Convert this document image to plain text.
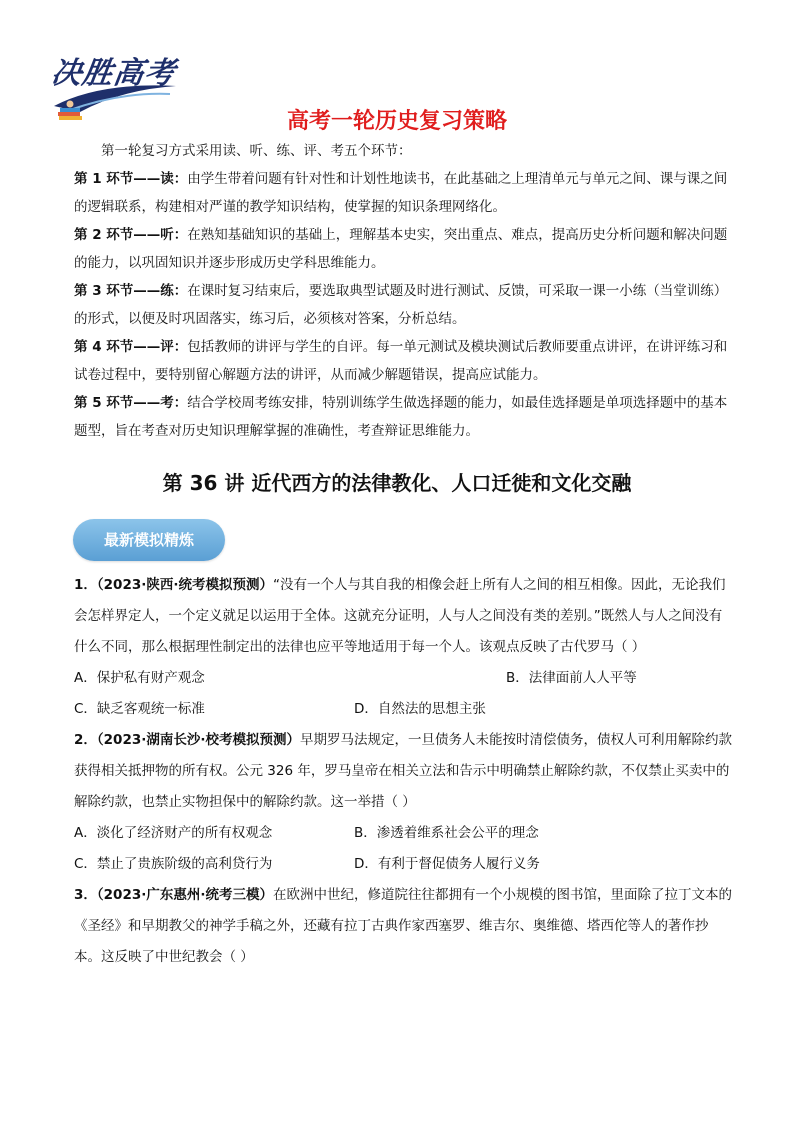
决胜高考
高考一轮历史复习策略

第一轮复习方式采用读、听、练、评、考五个环节：

第 1 环节——读：由学生带着问题有针对性和计划性地读书，在此基础之上理清单元与单元之间、课与课之间的逻辑联系，构建相对严谨的教学知识结构，使掌握的知识条理网络化。

第 2 环节——听：在熟知基础知识的基础上，理解基本史实，突出重点、难点，提高历史分析问题和解决问题的能力，以巩固知识并逐步形成历史学科思维能力。

第 3 环节——练：在课时复习结束后，要选取典型试题及时进行测试、反馈，可采取一课一小练（当堂训练）的形式，以便及时巩固落实，练习后，必须核对答案，分析总结。

第 4 环节——评：包括教师的讲评与学生的自评。每一单元测试及模块测试后教师要重点讲评，在讲评练习和试卷过程中，要特别留心解题方法的讲评，从而减少解题错误，提高应试能力。

第 5 环节——考：结合学校周考练安排，特别训练学生做选择题的能力，如最佳选择题是单项选择题中的基本题型，旨在考查对历史知识理解掌握的准确性，考查辩证思维能力。

第 36 讲 近代西方的法律教化、人口迁徙和文化交融
最新模拟精炼

1．（2023·陕西·统考模拟预测）“没有一个人与其自我的相像会赶上所有人之间的相互相像。因此，无论我们会怎样界定人，一个定义就足以运用于全体。这就充分证明，人与人之间没有类的差别。”既然人与人之间没有什么不同，那么根据理性制定出的法律也应平等地适用于每一个人。该观点反映了古代罗马（ ）

A．保护私有财产观念	B．法律面前人人平等
C．缺乏客观统一标准	D．自然法的思想主张

2．（2023·湖南长沙·校考模拟预测）早期罗马法规定，一旦债务人未能按时清偿债务，债权人可利用解除约款获得相关抵押物的所有权。公元 326 年，罗马皇帝在相关立法和告示中明确禁止解除约款，不仅禁止买卖中的解除约款，也禁止实物担保中的解除约款。这一举措（ ）

A．淡化了经济财产的所有权观念	B．渗透着维系社会公平的理念
C．禁止了贵族阶级的高利贷行为	D．有利于督促债务人履行义务

3．（2023·广东惠州·统考三模）在欧洲中世纪，修道院往往都拥有一个小规模的图书馆，里面除了拉丁文本的《圣经》和早期教父的神学手稿之外，还藏有拉丁古典作家西塞罗、维吉尔、奥维德、塔西佗等人的著作抄本。这反映了中世纪教会（ ）
